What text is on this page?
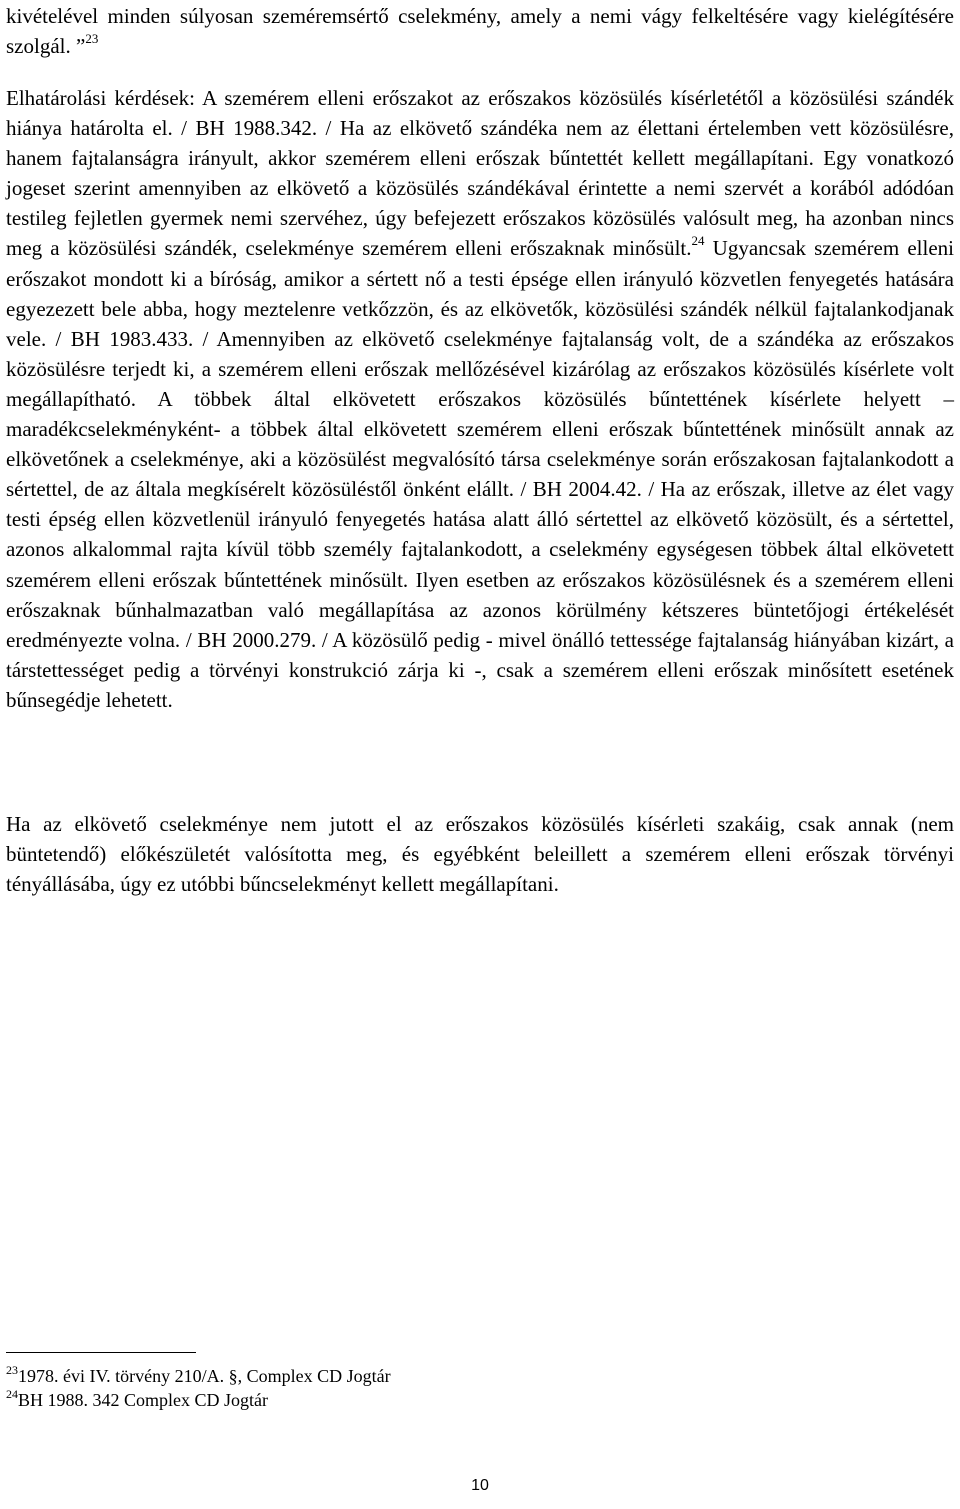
kivételével minden súlyosan szeméremsértő cselekmény, amely a nemi vágy felkeltésére vagy kielégítésére szolgál. ”$^{23}$

Elhatárolási kérdések: A szemérem elleni erőszakot az erőszakos közösülés kísérletétől a közösülési szándék hiánya határolta el. / BH 1988.342. / Ha az elkövető szándéka nem az élettani értelemben vett közösülésre, hanem fajtalanságra irányult, akkor szemérem elleni erőszak bűntettét kellett megállapítani. Egy vonatkozó jogeset szerint amennyiben az elkövető a közösülés szándékával érintette a nemi szervét a korából adódóan testileg fejletlen gyermek nemi szervéhez, úgy befejezett erőszakos közösülés valósult meg, ha azonban nincs meg a közösülési szándék, cselekménye szemérem elleni erőszaknak minősült.$^{24}$ Ugyancsak szemérem elleni erőszakot mondott ki a bíróság, amikor a sértett nő a testi épsége ellen irányuló közvetlen fenyegetés hatására egyezezett bele abba, hogy meztelenre vetkőzzön, és az elkövetők, közösülési szándék nélkül fajtalankodjanak vele. / BH 1983.433. / Amennyiben az elkövető cselekménye fajtalanság volt, de a szándéka az erőszakos közösülésre terjedt ki, a szemérem elleni erőszak mellőzésével kizárólag az erőszakos közösülés kísérlete volt megállapítható. A többek által elkövetett erőszakos közösülés bűntettének kísérlete helyett – maradékcselekményként- a többek által elkövetett szemérem elleni erőszak bűntettének minősült annak az elkövetőnek a cselekménye, aki a közösülést megvalósító társa cselekménye során erőszakosan fajtalankodott a sértettel, de az általa megkísérelt közösüléstől önként elállt. / BH 2004.42. / Ha az erőszak, illetve az élet vagy testi épség ellen közvetlenül irányuló fenyegetés hatása alatt álló sértettel az elkövető közösült, és a sértettel, azonos alkalommal rajta kívül több személy fajtalankodott, a cselekmény egységesen többek által elkövetett szemérem elleni erőszak bűntettének minősült. Ilyen esetben az erőszakos közösülésnek és a szemérem elleni erőszaknak bűnhalmazatban való megállapítása az azonos körülmény kétszeres büntetőjogi értékelését eredményezte volna. / BH 2000.279. / A közösülő pedig - mivel önálló tettessége fajtalanság hiányában kizárt, a társtettességet pedig a törvényi konstrukció zárja ki -, csak a szemérem elleni erőszak minősített esetének bűnsegédje lehetett.

Ha az elkövető cselekménye nem jutott el az erőszakos közösülés kísérleti szakáig, csak annak (nem büntetendő) előkészületét valósította meg, és egyébként beleillett a szemérem elleni erőszak törvényi tényállásába, úgy ez utóbbi bűncselekményt kellett megállapítani.

$^{23}$1978. évi IV. törvény 210/A. §, Complex CD Jogtár
$^{24}$BH 1988. 342 Complex CD Jogtár
10
